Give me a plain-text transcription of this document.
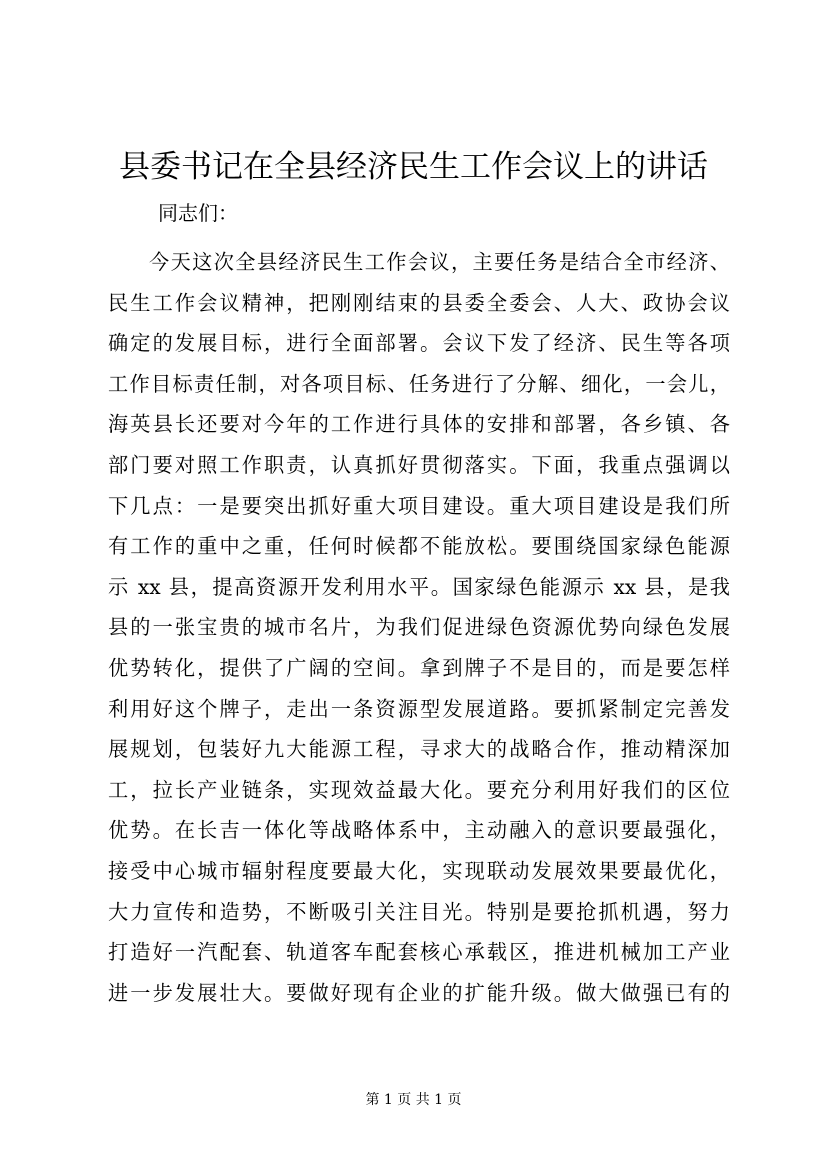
县委书记在全县经济民生工作会议上的讲话

同志们：

今天这次全县经济民生工作会议，主要任务是结合全市经济、
民生工作会议精神，把刚刚结束的县委全委会、人大、政协会议
确定的发展目标，进行全面部署。会议下发了经济、民生等各项
工作目标责任制，对各项目标、任务进行了分解、细化，一会儿，
海英县长还要对今年的工作进行具体的安排和部署，各乡镇、各
部门要对照工作职责，认真抓好贯彻落实。下面，我重点强调以
下几点：一是要突出抓好重大项目建设。重大项目建设是我们所
有工作的重中之重，任何时候都不能放松。要围绕国家绿色能源
示 xx 县，提高资源开发利用水平。国家绿色能源示 xx 县，是我
县的一张宝贵的城市名片，为我们促进绿色资源优势向绿色发展
优势转化，提供了广阔的空间。拿到牌子不是目的，而是要怎样
利用好这个牌子，走出一条资源型发展道路。要抓紧制定完善发
展规划，包装好九大能源工程，寻求大的战略合作，推动精深加
工，拉长产业链条，实现效益最大化。要充分利用好我们的区位
优势。在长吉一体化等战略体系中，主动融入的意识要最强化，
接受中心城市辐射程度要最大化，实现联动发展效果要最优化，
大力宣传和造势，不断吸引关注目光。特别是要抢抓机遇，努力
打造好一汽配套、轨道客车配套核心承载区，推进机械加工产业
进一步发展壮大。要做好现有企业的扩能升级。做大做强已有的
第 1 页 共 1 页
